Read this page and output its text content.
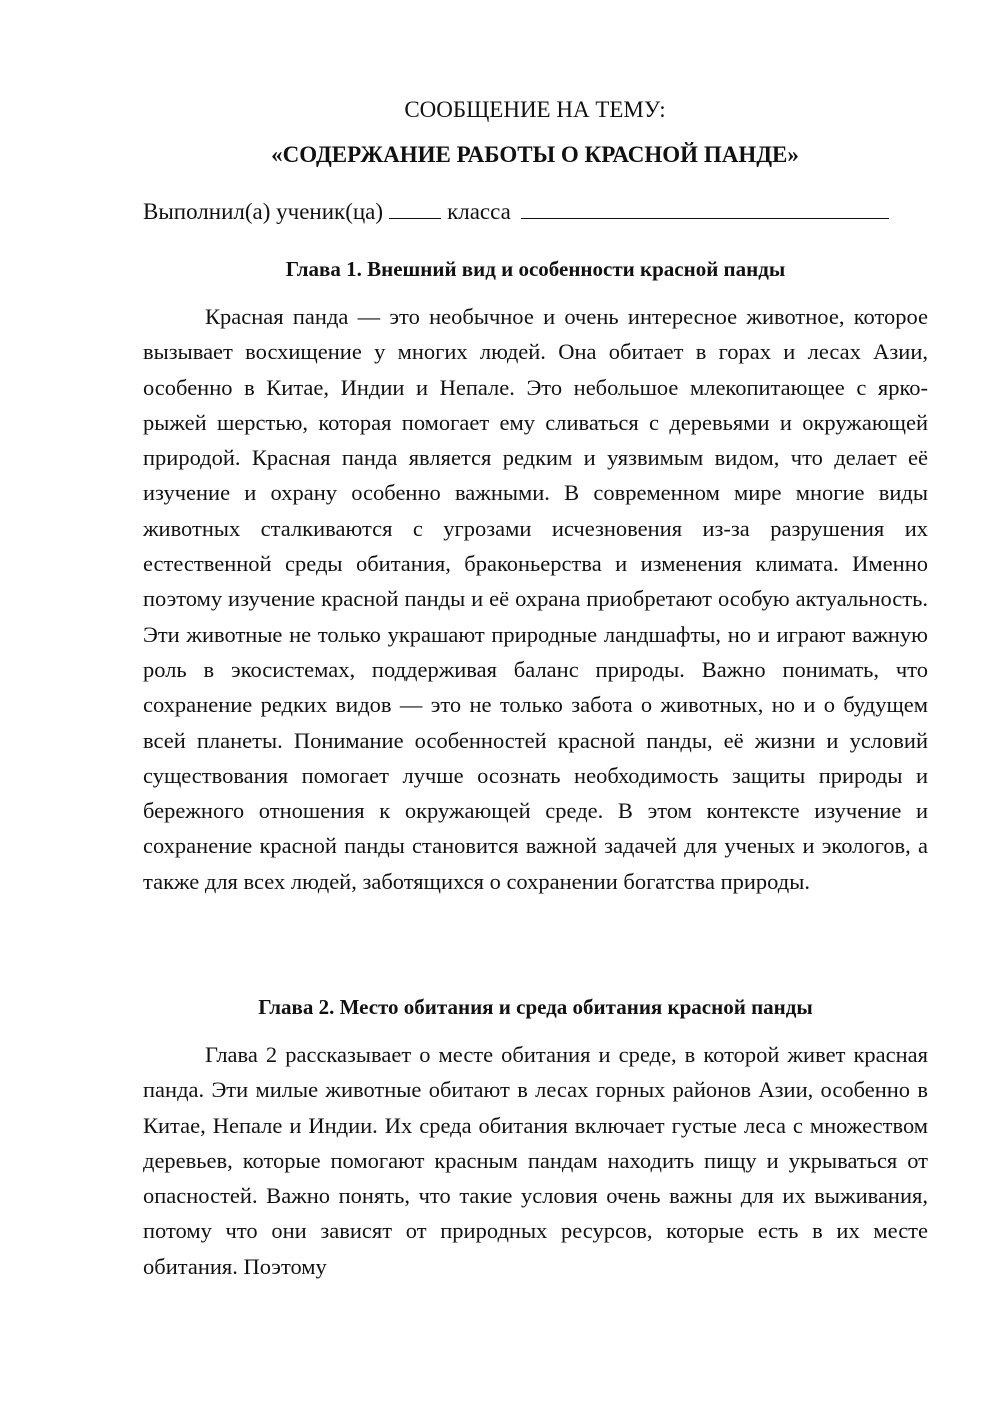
СООБЩЕНИЕ НА ТЕМУ:
«СОДЕРЖАНИЕ РАБОТЫ О КРАСНОЙ ПАНДЕ»
Выполнил(а) ученик(ца)	класса
Глава 1. Внешний вид и особенности красной панды

Красная панда — это необычное и очень интересное животное, которое вызывает восхищение у многих людей. Она обитает в горах и лесах Азии, особенно в Китае, Индии и Непале. Это небольшое млекопитающее с ярко-рыжей шерстью, которая помогает ему сливаться с деревьями и окружающей природой. Красная панда является редким и уязвимым видом, что делает её изучение и охрану особенно важными. В современном мире многие виды животных сталкиваются с угрозами исчезновения из-за разрушения их естественной среды обитания, браконьерства и изменения климата. Именно поэтому изучение красной панды и её охрана приобретают особую актуальность. Эти животные не только украшают природные ландшафты, но и играют важную роль в экосистемах, поддерживая баланс природы. Важно понимать, что сохранение редких видов — это не только забота о животных, но и о будущем всей планеты. Понимание особенностей красной панды, её жизни и условий существования помогает лучше осознать необходимость защиты природы и бережного отношения к окружающей среде. В этом контексте изучение и сохранение красной панды становится важной задачей для ученых и экологов, а также для всех людей, заботящихся о сохранении богатства природы.

Глава 2. Место обитания и среда обитания красной панды

Глава 2 рассказывает о месте обитания и среде, в которой живет красная панда. Эти милые животные обитают в лесах горных районов Азии, особенно в Китае, Непале и Индии. Их среда обитания включает густые леса с множеством деревьев, которые помогают красным пандам находить пищу и укрываться от опасностей. Важно понять, что такие условия очень важны для их выживания, потому что они зависят от природных ресурсов, которые есть в их месте обитания. Поэтому
